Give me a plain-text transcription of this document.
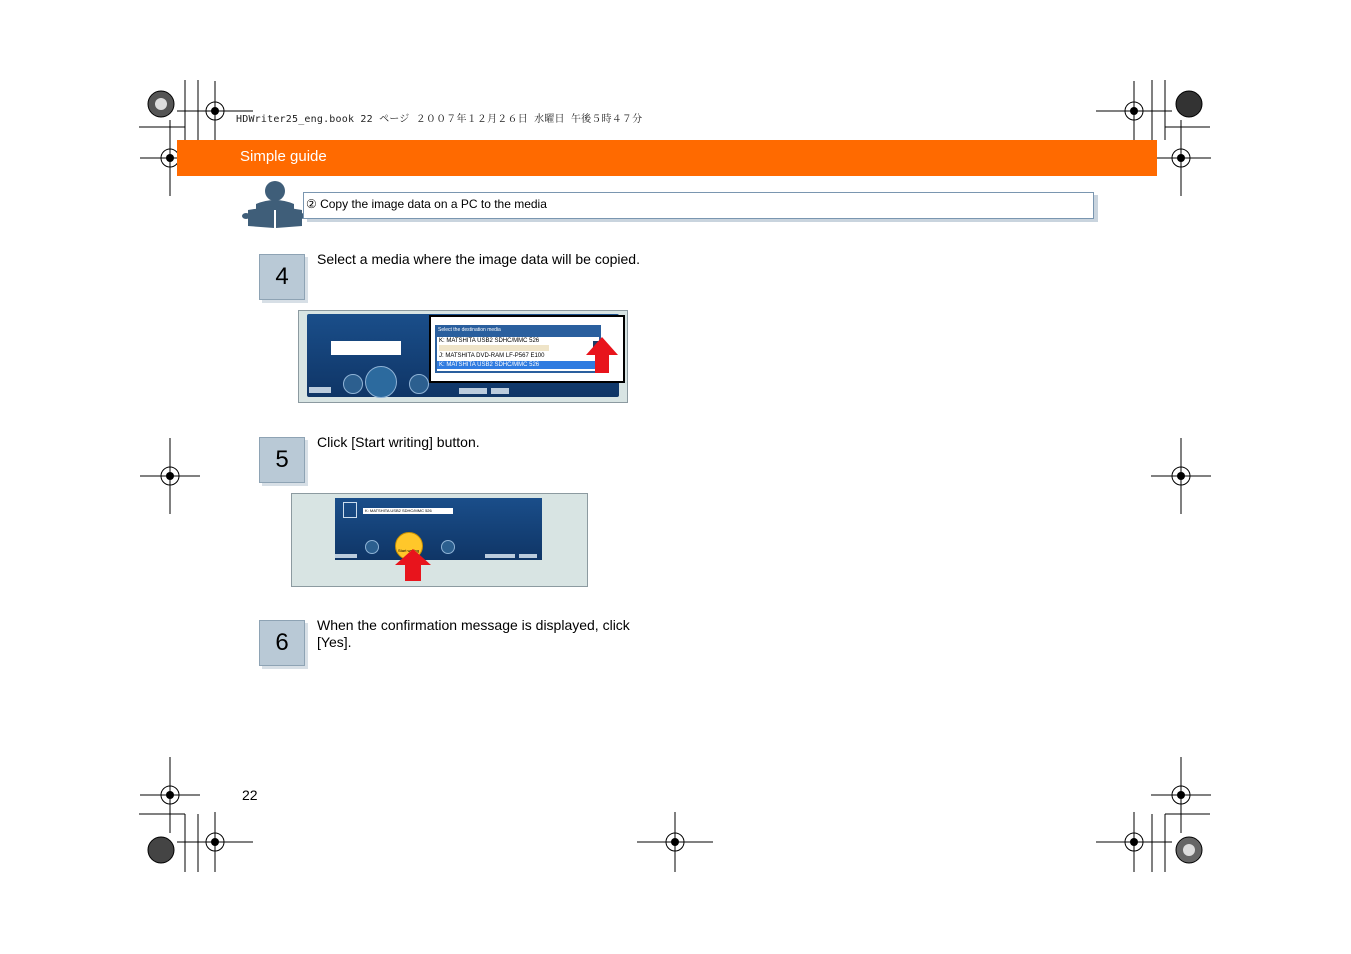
HDWriter25_eng.book 22 ページ ２００７年１２月２６日 水曜日 午後５時４７分
Simple guide
② Copy the image data on a PC to the media
4
Select a media where the image data will be copied.
Select the destination media
K: MATSHITA USB2 SDHC/MMC 526
J: MATSHITA DVD-RAM LF-P567 E100
K: MATSHITA USB2 SDHC/MMC 526
5
Click [Start writing] button.
K: MATSHITA USB2 SDHC/MMC 526
Start writing
6
When the confirmation message is displayed, click [Yes].
22
